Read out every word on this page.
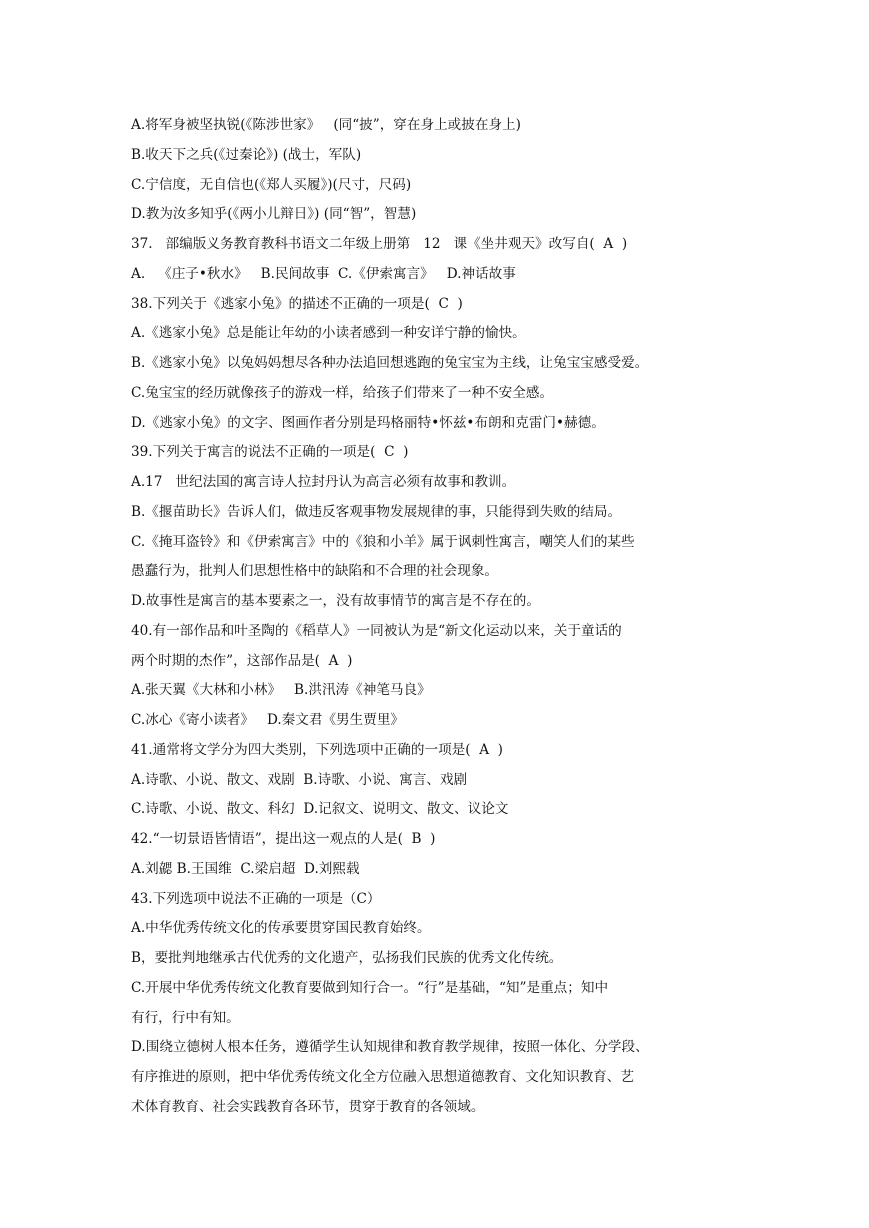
A.将军身被坚执锐(《陈涉世家》   (同“披”，穿在身上或披在身上)
B.收天下之兵(《过秦论》) (战士，军队)
C.宁信度，无自信也(《郑人买履》)(尺寸，尺码)
D.教为汝多知乎(《两小儿辩日》) (同“智”，智慧)
37.   部编版义务教育教科书语文二年级上册第   12   课《坐井观天》改写自(  A  )
A.   《庄子•秋水》   B.民间故事  C.《伊索寓言》   D.神话故事
38.下列关于《逃家小兔》的描述不正确的一项是(  C  )
A.《逃家小兔》总是能让年幼的小读者感到一种安详宁静的愉快。
B.《逃家小兔》以兔妈妈想尽各种办法追回想逃跑的兔宝宝为主线，让兔宝宝感受爱。
C.兔宝宝的经历就像孩子的游戏一样，给孩子们带来了一种不安全感。
D.《逃家小兔》的文字、图画作者分别是玛格丽特•怀兹•布朗和克雷门•赫德。
39.下列关于寓言的说法不正确的一项是(  C  )
A.17   世纪法国的寓言诗人拉封丹认为高言必须有故事和教训。
B.《揠苗助长》告诉人们，做违反客观事物发展规律的事，只能得到失败的结局。
C.《掩耳盗铃》和《伊索寓言》中的《狼和小羊》属于讽刺性寓言，嘲笑人们的某些
愚蠢行为，批判人们思想性格中的缺陷和不合理的社会现象。
D.故事性是寓言的基本要素之一，没有故事情节的寓言是不存在的。
40.有一部作品和叶圣陶的《稻草人》一同被认为是“新文化运动以来，关于童话的
两个时期的杰作”，这部作品是(  A  )
A.张天翼《大林和小林》   B.洪汛涛《神笔马良》
C.冰心《寄小读者》   D.秦文君《男生贾里》
41.通常将文学分为四大类别，下列选项中正确的一项是(  A  )
A.诗歌、小说、散文、戏剧  B.诗歌、小说、寓言、戏剧
C.诗歌、小说、散文、科幻  D.记叙文、说明文、散文、议论文
42.“一切景语皆情语”，提出这一观点的人是(  B  )
A.刘勰 B.王国维  C.梁启超  D.刘熙载
43.下列选项中说法不正确的一项是（C）
A.中华优秀传统文化的传承要贯穿国民教育始终。
B，要批判地继承古代优秀的文化遗产，弘扬我们民族的优秀文化传统。
C.开展中华优秀传统文化教育要做到知行合一。“行”是基础，“知”是重点；知中
有行，行中有知。
D.围绕立德树人根本任务，遵循学生认知规律和教育教学规律，按照一体化、分学段、
有序推进的原则，把中华优秀传统文化全方位融入思想道德教育、文化知识教育、艺
术体育教育、社会实践教育各环节，贯穿于教育的各领域。
